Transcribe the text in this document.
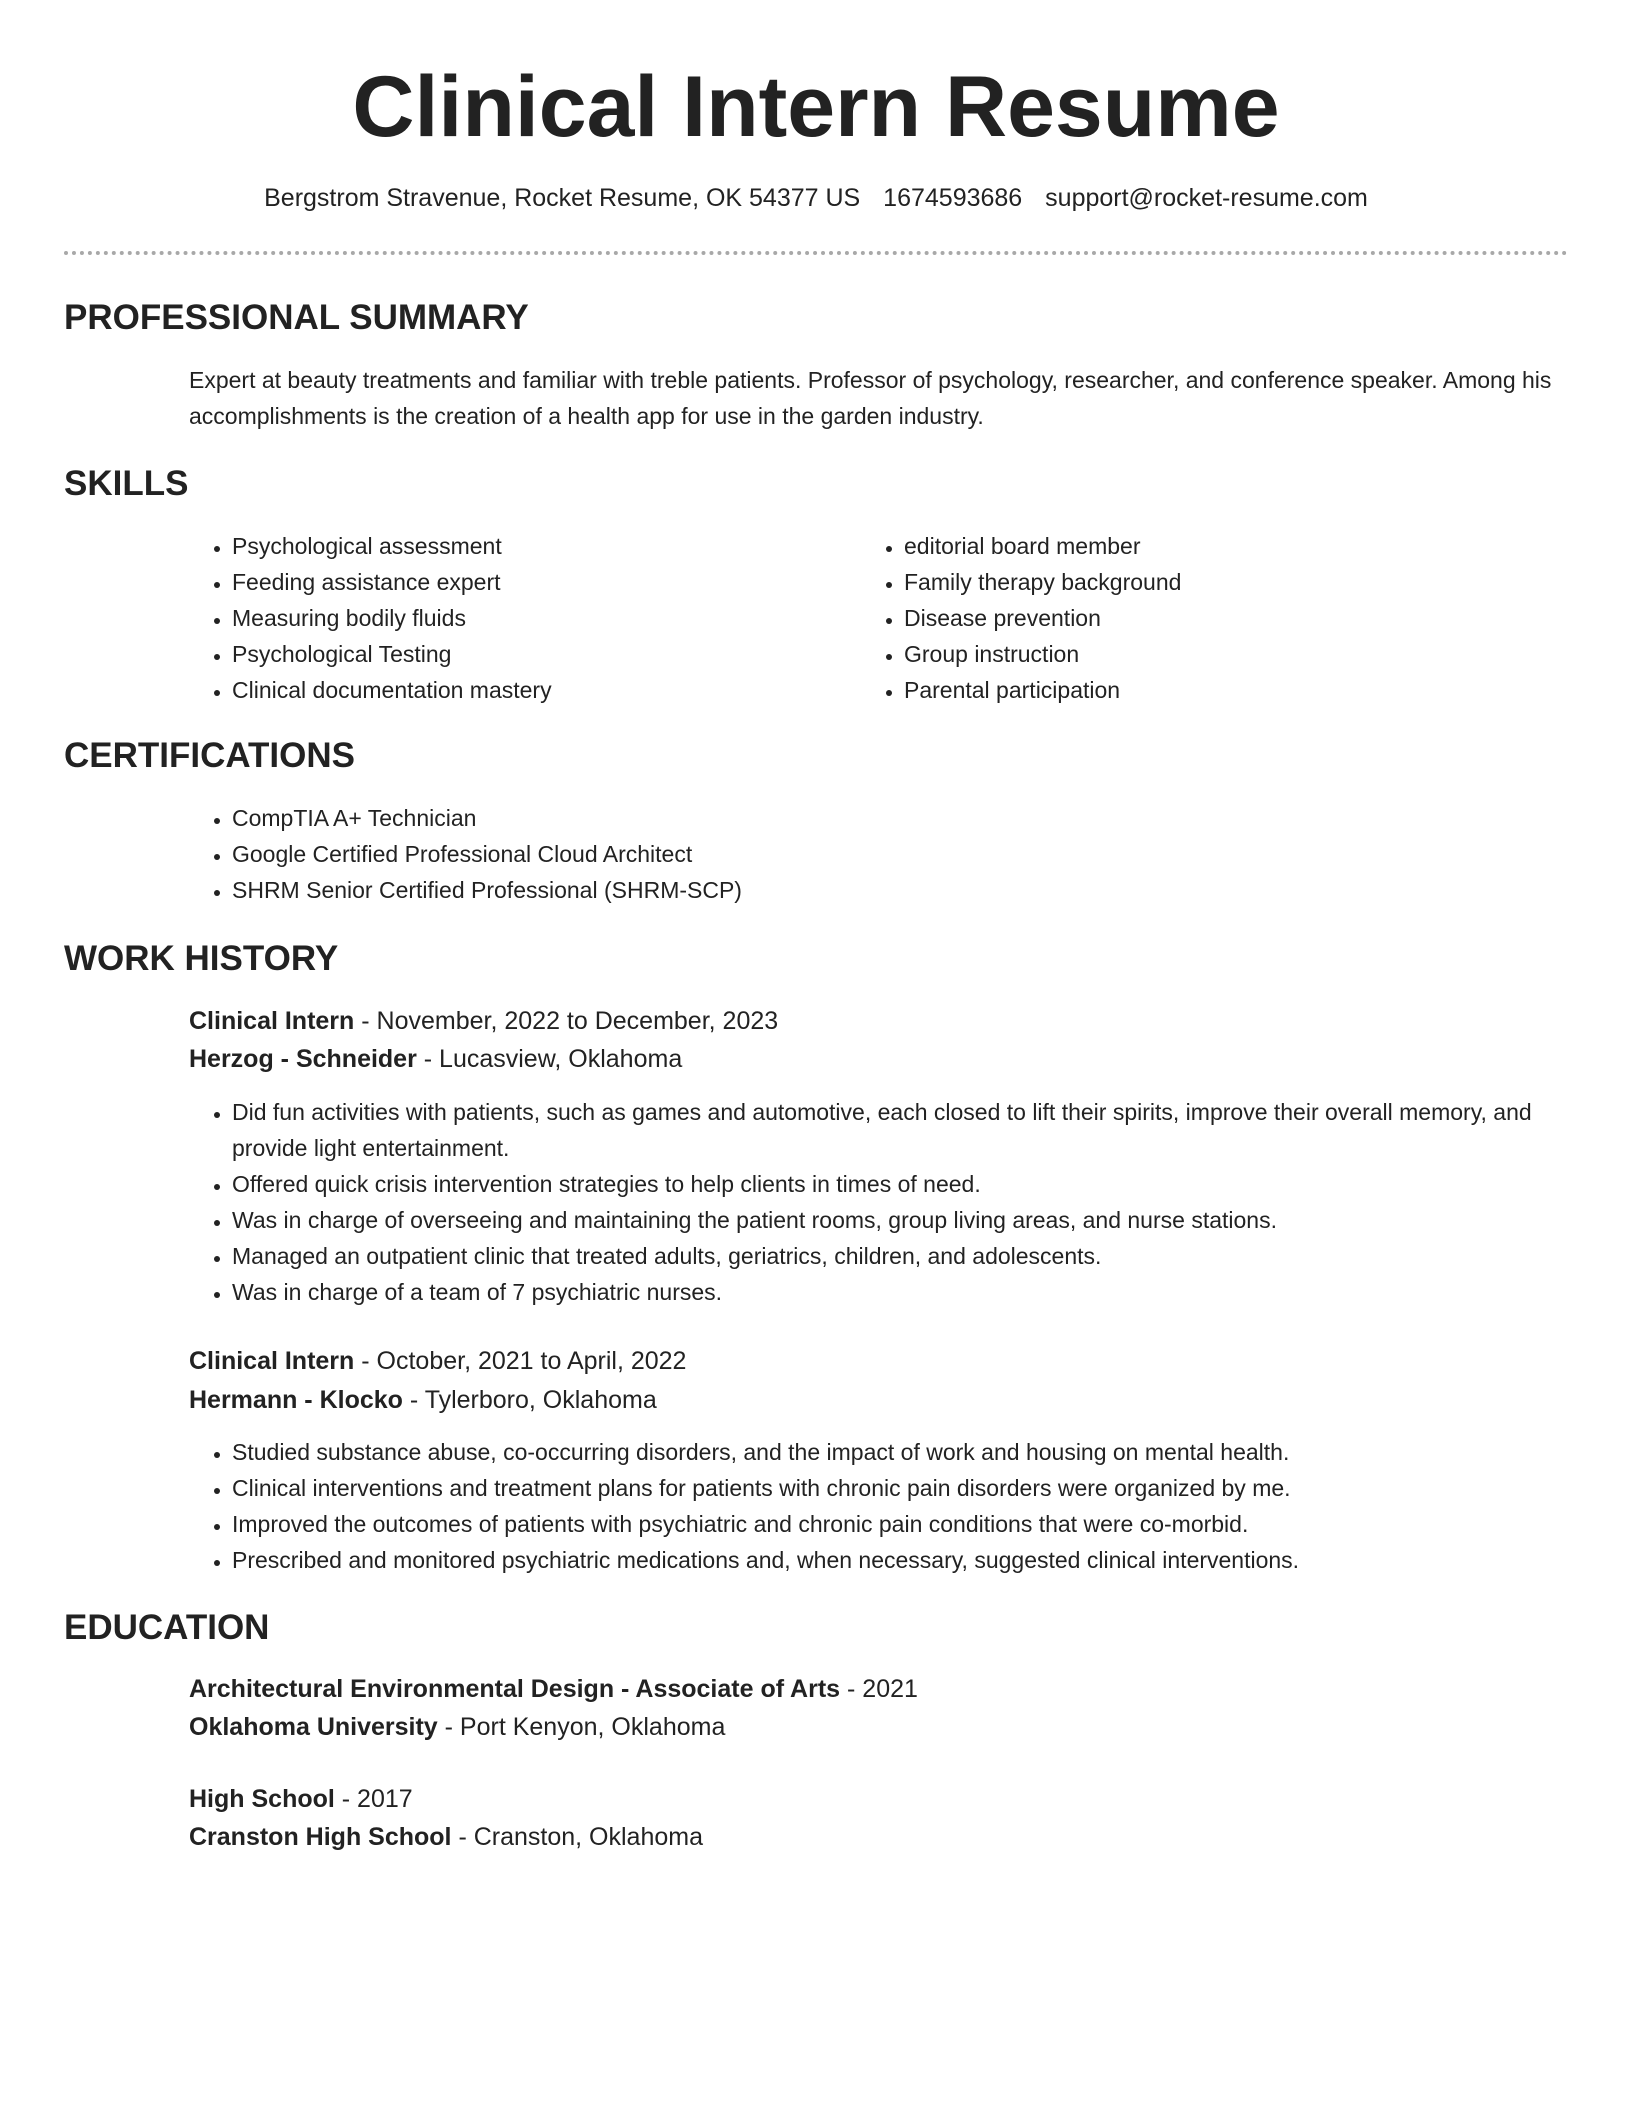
Clinical Intern Resume
Bergstrom Stravenue, Rocket Resume, OK 54377 US 1674593686 support@rocket-resume.com
PROFESSIONAL SUMMARY

Expert at beauty treatments and familiar with treble patients. Professor of psychology, researcher, and conference speaker. Among his accomplishments is the creation of a health app for use in the garden industry.

SKILLS
• Psychological assessment
• Feeding assistance expert
• Measuring bodily fluids
• Psychological Testing
• Clinical documentation mastery
• editorial board member
• Family therapy background
• Disease prevention
• Group instruction
• Parental participation
CERTIFICATIONS
• CompTIA A+ Technician
• Google Certified Professional Cloud Architect
• SHRM Senior Certified Professional (SHRM-SCP)
WORK HISTORY
Clinical Intern - November, 2022 to December, 2023
Herzog - Schneider - Lucasview, Oklahoma
• Did fun activities with patients, such as games and automotive, each closed to lift their spirits, improve their overall memory, and provide light entertainment.
• Offered quick crisis intervention strategies to help clients in times of need.
• Was in charge of overseeing and maintaining the patient rooms, group living areas, and nurse stations.
• Managed an outpatient clinic that treated adults, geriatrics, children, and adolescents.
• Was in charge of a team of 7 psychiatric nurses.
Clinical Intern - October, 2021 to April, 2022
Hermann - Klocko - Tylerboro, Oklahoma
• Studied substance abuse, co-occurring disorders, and the impact of work and housing on mental health.
• Clinical interventions and treatment plans for patients with chronic pain disorders were organized by me.
• Improved the outcomes of patients with psychiatric and chronic pain conditions that were co-morbid.
• Prescribed and monitored psychiatric medications and, when necessary, suggested clinical interventions.
EDUCATION
Architectural Environmental Design - Associate of Arts - 2021
Oklahoma University - Port Kenyon, Oklahoma
High School - 2017
Cranston High School - Cranston, Oklahoma
